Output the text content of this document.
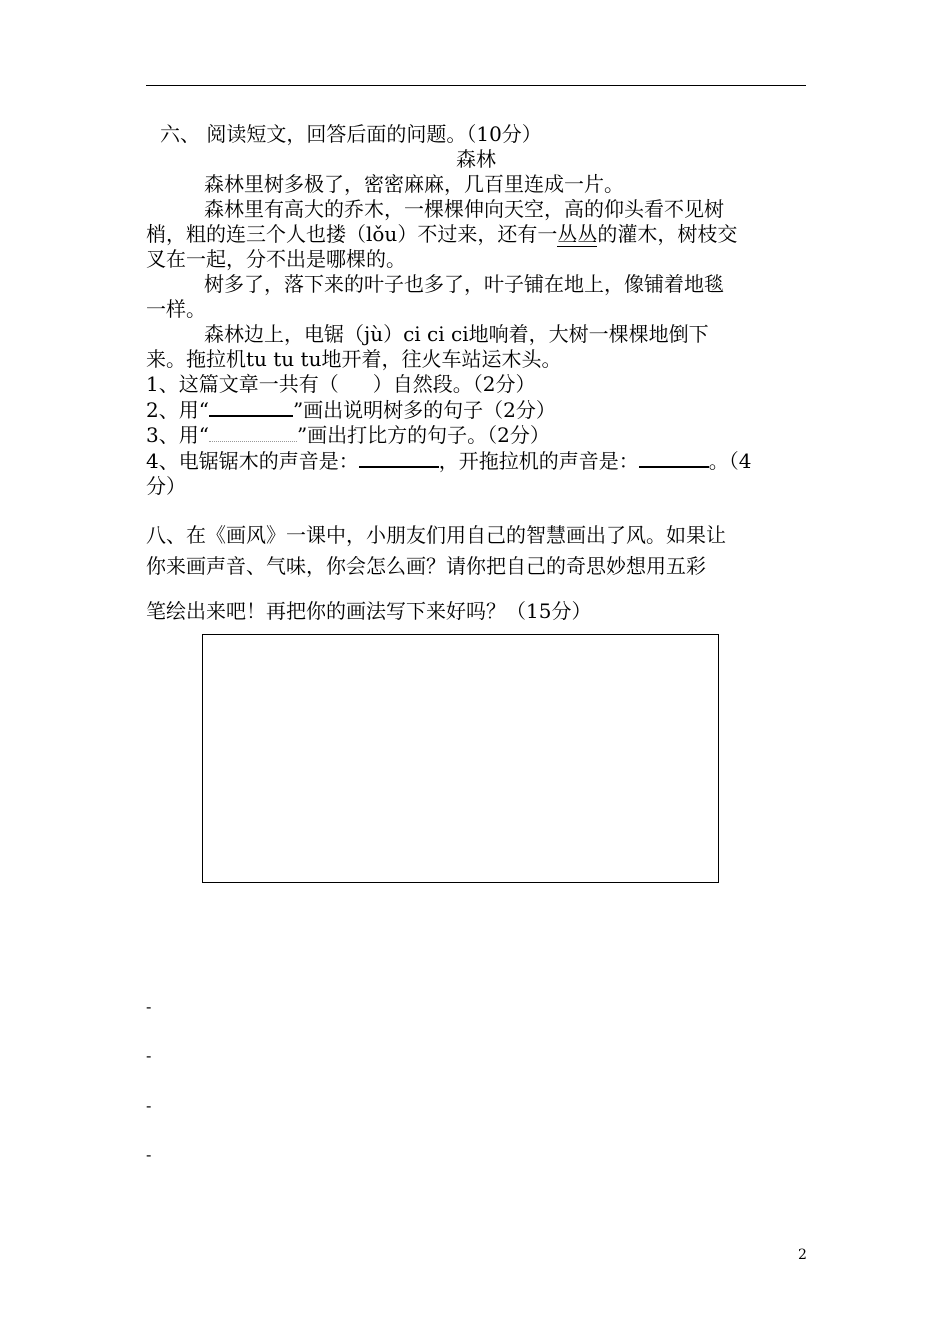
六、 阅读短文，回答后面的问题。（10分）
森林
森林里树多极了，密密麻麻，几百里连成一片。
森林里有高大的乔木，一棵棵伸向天空，高的仰头看不见树
梢，粗的连三个人也搂（lǒu）不过来，还有一丛丛的灌木，树枝交
叉在一起，分不出是哪棵的。
树多了，落下来的叶子也多了，叶子铺在地上，像铺着地毯
一样。
森林边上，电锯（jù）ci ci ci地响着，大树一棵棵地倒下
来。拖拉机tu tu tu地开着，往火车站运木头。
1、这篇文章一共有（ ）自然段。（2分）
2、用“	”画出说明树多的句子（2分）
3、用“	”画出打比方的句子。（2分）
4、电锯锯木的声音是：	，开拖拉机的声音是：	。（4
分）
八、在《画风》一课中，小朋友们用自己的智慧画出了风。如果让
你来画声音、气味，你会怎么画？请你把自己的奇思妙想用五彩
笔绘出来吧！再把你的画法写下来好吗？（15分）
-
-
-
-
2
